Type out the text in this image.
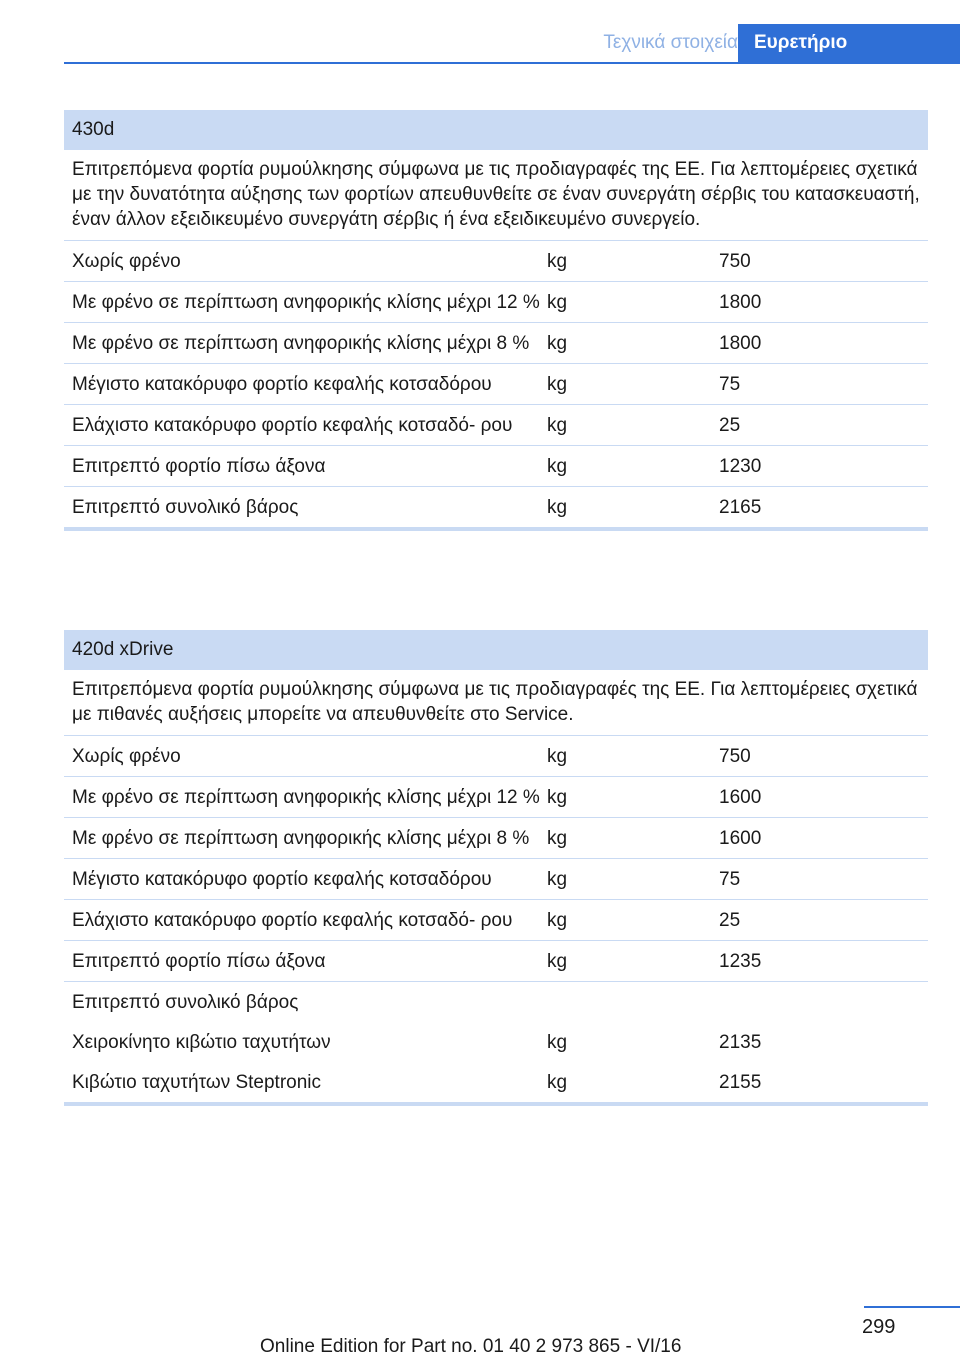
Τεχνικά στοιχεία Ευρετήριο
430d
Επιτρεπόμενα φορτία ρυμούλκησης σύμφωνα με τις προδιαγραφές της ΕΕ. Για λεπτομέρειες σχετικά με την δυνατότητα αύξησης των φορτίων απευθυνθείτε σε έναν συνεργάτη σέρβις του κατασκευαστή, έναν άλλον εξειδικευμένο συνεργάτη σέρβις ή ένα εξειδικευμένο συνεργείο.
Χωρίς φρένο	kg	750
Με φρένο σε περίπτωση ανηφορικής κλίσης μέχρι 12 % kg	1800
Με φρένο σε περίπτωση ανηφορικής κλίσης μέχρι 8 % kg	1800
Μέγιστο κατακόρυφο φορτίο κεφαλής κοτσαδόρου	kg	75
Ελάχιστο κατακόρυφο φορτίο κεφαλής κοτσαδό- ρου	kg	25
Επιτρεπτό φορτίο πίσω άξονα	kg	1230
Επιτρεπτό συνολικό βάρος	kg	2165
420d xDrive
Επιτρεπόμενα φορτία ρυμούλκησης σύμφωνα με τις προδιαγραφές της ΕΕ. Για λεπτομέρειες σχετικά με πιθανές αυξήσεις μπορείτε να απευθυνθείτε στο Service.
Χωρίς φρένο	kg	750
Με φρένο σε περίπτωση ανηφορικής κλίσης μέχρι 12 % kg	1600
Με φρένο σε περίπτωση ανηφορικής κλίσης μέχρι 8 % kg	1600
Μέγιστο κατακόρυφο φορτίο κεφαλής κοτσαδόρου	kg	75
Ελάχιστο κατακόρυφο φορτίο κεφαλής κοτσαδό- ρου	kg	25
Επιτρεπτό φορτίο πίσω άξονα	kg	1235
Επιτρεπτό συνολικό βάρος
Χειροκίνητο κιβώτιο ταχυτήτων	kg	2135
Κιβώτιο ταχυτήτων Steptronic	kg	2155
299
Online Edition for Part no. 01 40 2 973 865 - VI/16
